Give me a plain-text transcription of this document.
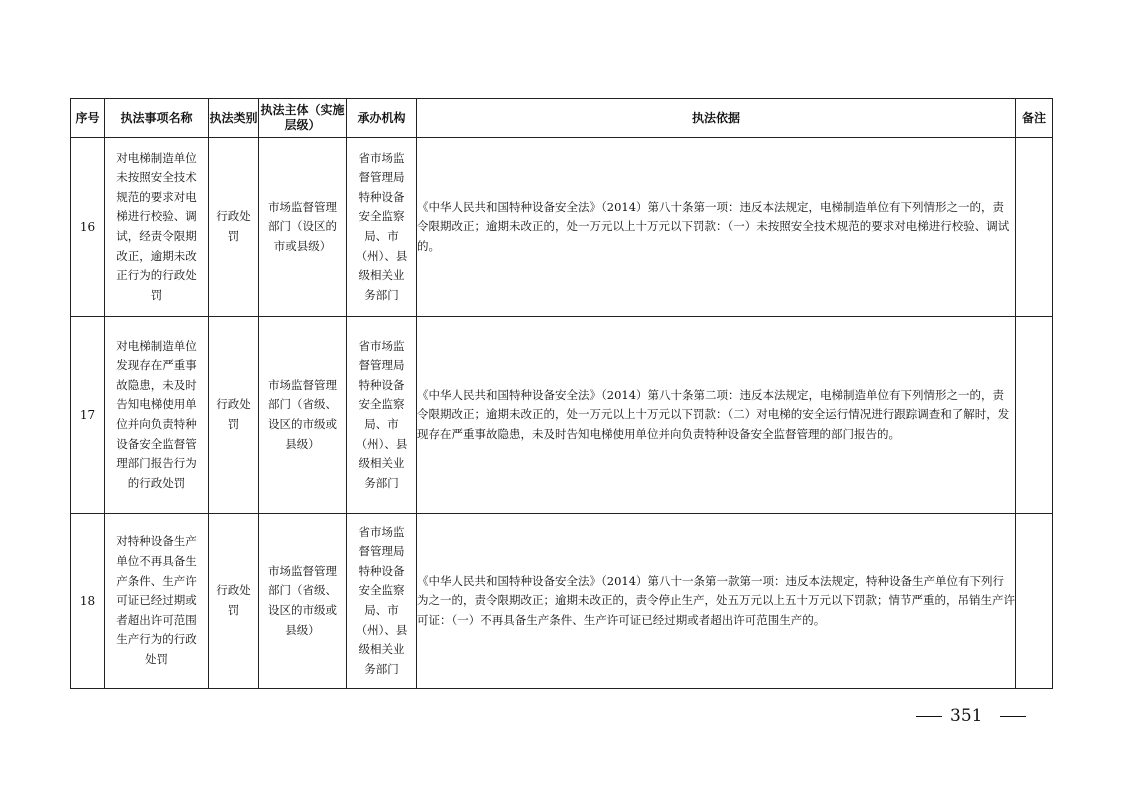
序号	执法事项名称	执法类别	执法主体（实施层级）	承办机构	执法依据	备注
16	对电梯制造单位未按照安全技术规范的要求对电梯进行校验、调试，经责令限期改正，逾期未改正行为的行政处罚	行政处罚	市场监督管理部门（设区的市或县级）	省市场监督管理局特种设备安全监察局、市（州）、县级相关业务部门	《中华人民共和国特种设备安全法》（2014）第八十条第一项：违反本法规定，电梯制造单位有下列情形之一的，责令限期改正；逾期未改正的，处一万元以上十万元以下罚款：（一）未按照安全技术规范的要求对电梯进行校验、调试的。	
17	对电梯制造单位发现存在严重事故隐患，未及时告知电梯使用单位并向负责特种设备安全监督管理部门报告行为的行政处罚	行政处罚	市场监督管理部门（省级、设区的市级或县级）	省市场监督管理局特种设备安全监察局、市（州）、县级相关业务部门	《中华人民共和国特种设备安全法》（2014）第八十条第二项：违反本法规定，电梯制造单位有下列情形之一的，责令限期改正；逾期未改正的，处一万元以上十万元以下罚款：（二）对电梯的安全运行情况进行跟踪调查和了解时，发现存在严重事故隐患，未及时告知电梯使用单位并向负责特种设备安全监督管理的部门报告的。	
18	对特种设备生产单位不再具备生产条件、生产许可证已经过期或者超出许可范围生产行为的行政处罚	行政处罚	市场监督管理部门（省级、设区的市级或县级）	省市场监督管理局特种设备安全监察局、市（州）、县级相关业务部门	《中华人民共和国特种设备安全法》（2014）第八十一条第一款第一项：违反本法规定，特种设备生产单位有下列行为之一的，责令限期改正；逾期未改正的，责令停止生产，处五万元以上五十万元以下罚款；情节严重的，吊销生产许可证：（一）不再具备生产条件、生产许可证已经过期或者超出许可范围生产的。	
351
